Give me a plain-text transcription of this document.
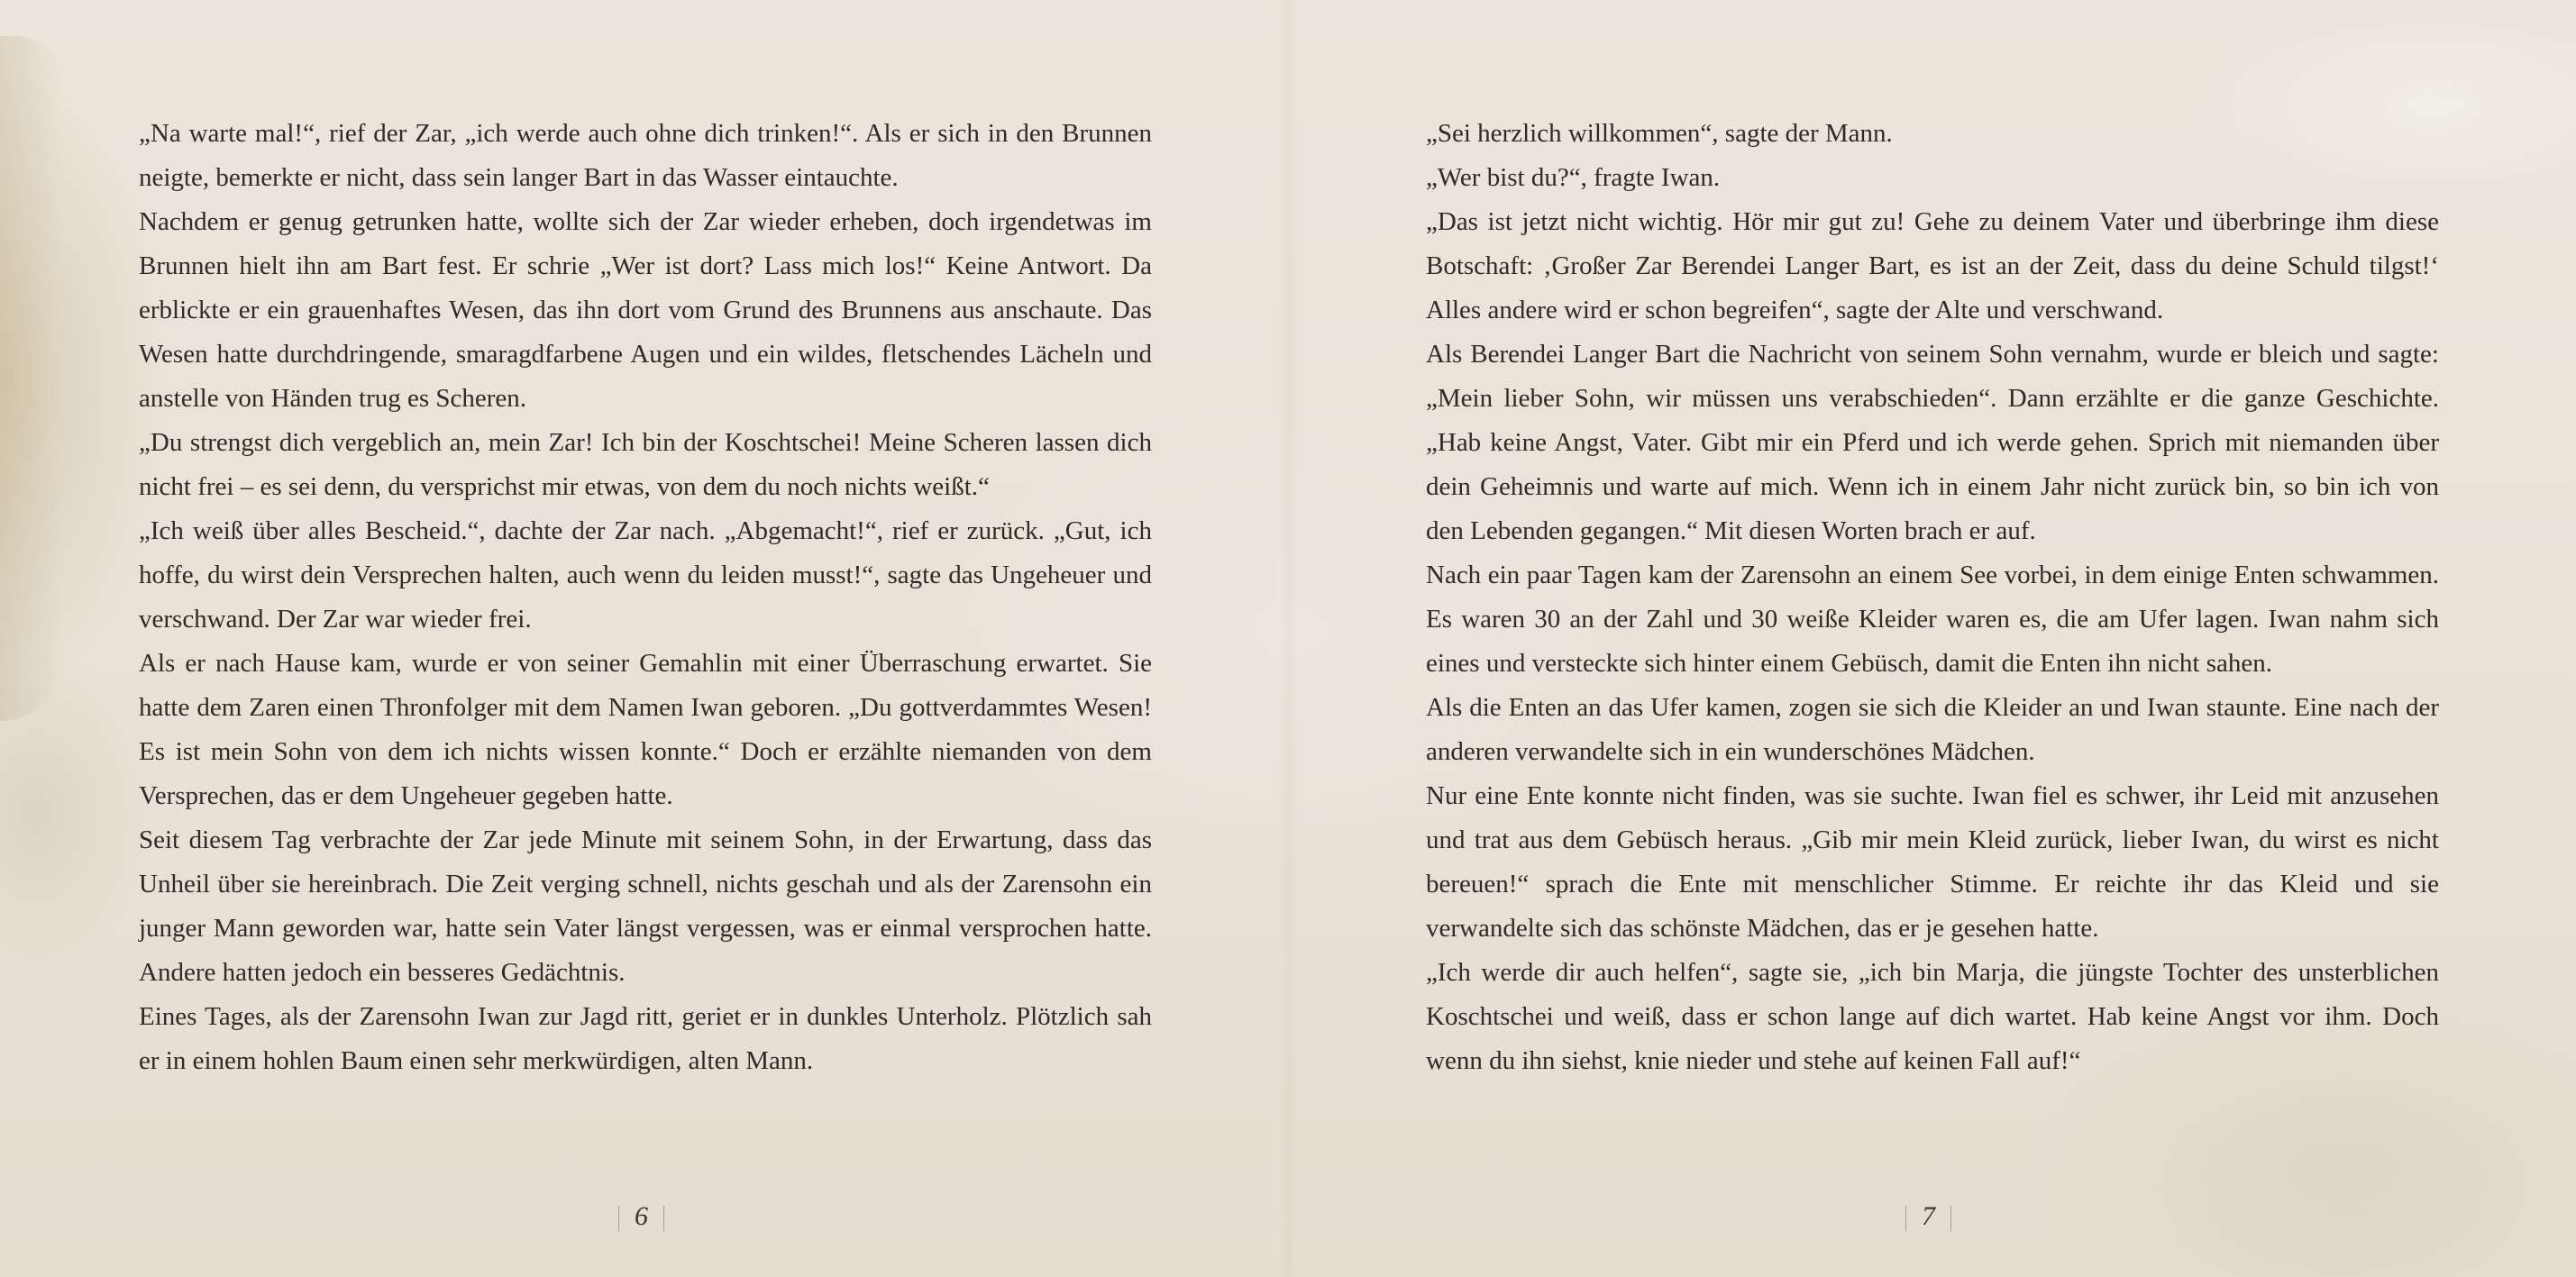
„Na warte mal!“, rief der Zar, „ich werde auch ohne dich trinken!“. Als er sich in den Brunnen neigte, bemerkte er nicht, dass sein langer Bart in das Wasser eintauchte.

Nachdem er genug getrunken hatte, wollte sich der Zar wieder erheben, doch irgendetwas im Brunnen hielt ihn am Bart fest. Er schrie „Wer ist dort? Lass mich los!“ Keine Antwort. Da erblickte er ein grauenhaftes Wesen, das ihn dort vom Grund des Brunnens aus anschaute. Das Wesen hatte durchdringende, smaragdfarbene Augen und ein wildes, fletschendes Lächeln und anstelle von Händen trug es Scheren.

„Du strengst dich vergeblich an, mein Zar! Ich bin der Koschtschei! Meine Scheren lassen dich nicht frei – es sei denn, du versprichst mir etwas, von dem du noch nichts weißt.“

„Ich weiß über alles Bescheid.“, dachte der Zar nach. „Abgemacht!“, rief er zurück. „Gut, ich hoffe, du wirst dein Versprechen halten, auch wenn du leiden musst!“, sagte das Ungeheuer und verschwand. Der Zar war wieder frei.

Als er nach Hause kam, wurde er von seiner Gemahlin mit einer Überraschung erwartet. Sie hatte dem Zaren einen Thronfolger mit dem Namen Iwan geboren. „Du gottverdammtes Wesen! Es ist mein Sohn von dem ich nichts wissen konnte.“ Doch er erzählte niemanden von dem Versprechen, das er dem Ungeheuer gegeben hatte.

Seit diesem Tag verbrachte der Zar jede Minute mit seinem Sohn, in der Erwartung, dass das Unheil über sie hereinbrach. Die Zeit verging schnell, nichts geschah und als der Zarensohn ein junger Mann geworden war, hatte sein Vater längst vergessen, was er einmal versprochen hatte. Andere hatten jedoch ein besseres Gedächtnis.

Eines Tages, als der Zarensohn Iwan zur Jagd ritt, geriet er in dunkles Unterholz. Plötzlich sah er in einem hohlen Baum einen sehr merkwürdigen, alten Mann.

„Sei herzlich willkommen“, sagte der Mann.

„Wer bist du?“, fragte Iwan.

„Das ist jetzt nicht wichtig. Hör mir gut zu! Gehe zu deinem Vater und überbringe ihm diese Botschaft: ‚Großer Zar Berendei Langer Bart, es ist an der Zeit, dass du deine Schuld tilgst!‘ Alles andere wird er schon begreifen“, sagte der Alte und verschwand.

Als Berendei Langer Bart die Nachricht von seinem Sohn vernahm, wurde er bleich und sagte: „Mein lieber Sohn, wir müssen uns verabschieden“. Dann erzählte er die ganze Geschichte. „Hab keine Angst, Vater. Gibt mir ein Pferd und ich werde gehen. Sprich mit niemanden über dein Geheimnis und warte auf mich. Wenn ich in einem Jahr nicht zurück bin, so bin ich von den Lebenden gegangen.“ Mit diesen Worten brach er auf.

Nach ein paar Tagen kam der Zarensohn an einem See vorbei, in dem einige Enten schwammen. Es waren 30 an der Zahl und 30 weiße Kleider waren es, die am Ufer lagen. Iwan nahm sich eines und versteckte sich hinter einem Gebüsch, damit die Enten ihn nicht sahen.

Als die Enten an das Ufer kamen, zogen sie sich die Kleider an und Iwan staunte. Eine nach der anderen verwandelte sich in ein wunderschönes Mädchen.

Nur eine Ente konnte nicht finden, was sie suchte. Iwan fiel es schwer, ihr Leid mit anzusehen und trat aus dem Gebüsch heraus. „Gib mir mein Kleid zurück, lieber Iwan, du wirst es nicht bereuen!“ sprach die Ente mit menschlicher Stimme. Er reichte ihr das Kleid und sie verwandelte sich das schönste Mädchen, das er je gesehen hatte.

„Ich werde dir auch helfen“, sagte sie, „ich bin Marja, die jüngste Tochter des unsterblichen Koschtschei und weiß, dass er schon lange auf dich wartet. Hab keine Angst vor ihm. Doch wenn du ihn siehst, knie nieder und stehe auf keinen Fall auf!“

6	7
